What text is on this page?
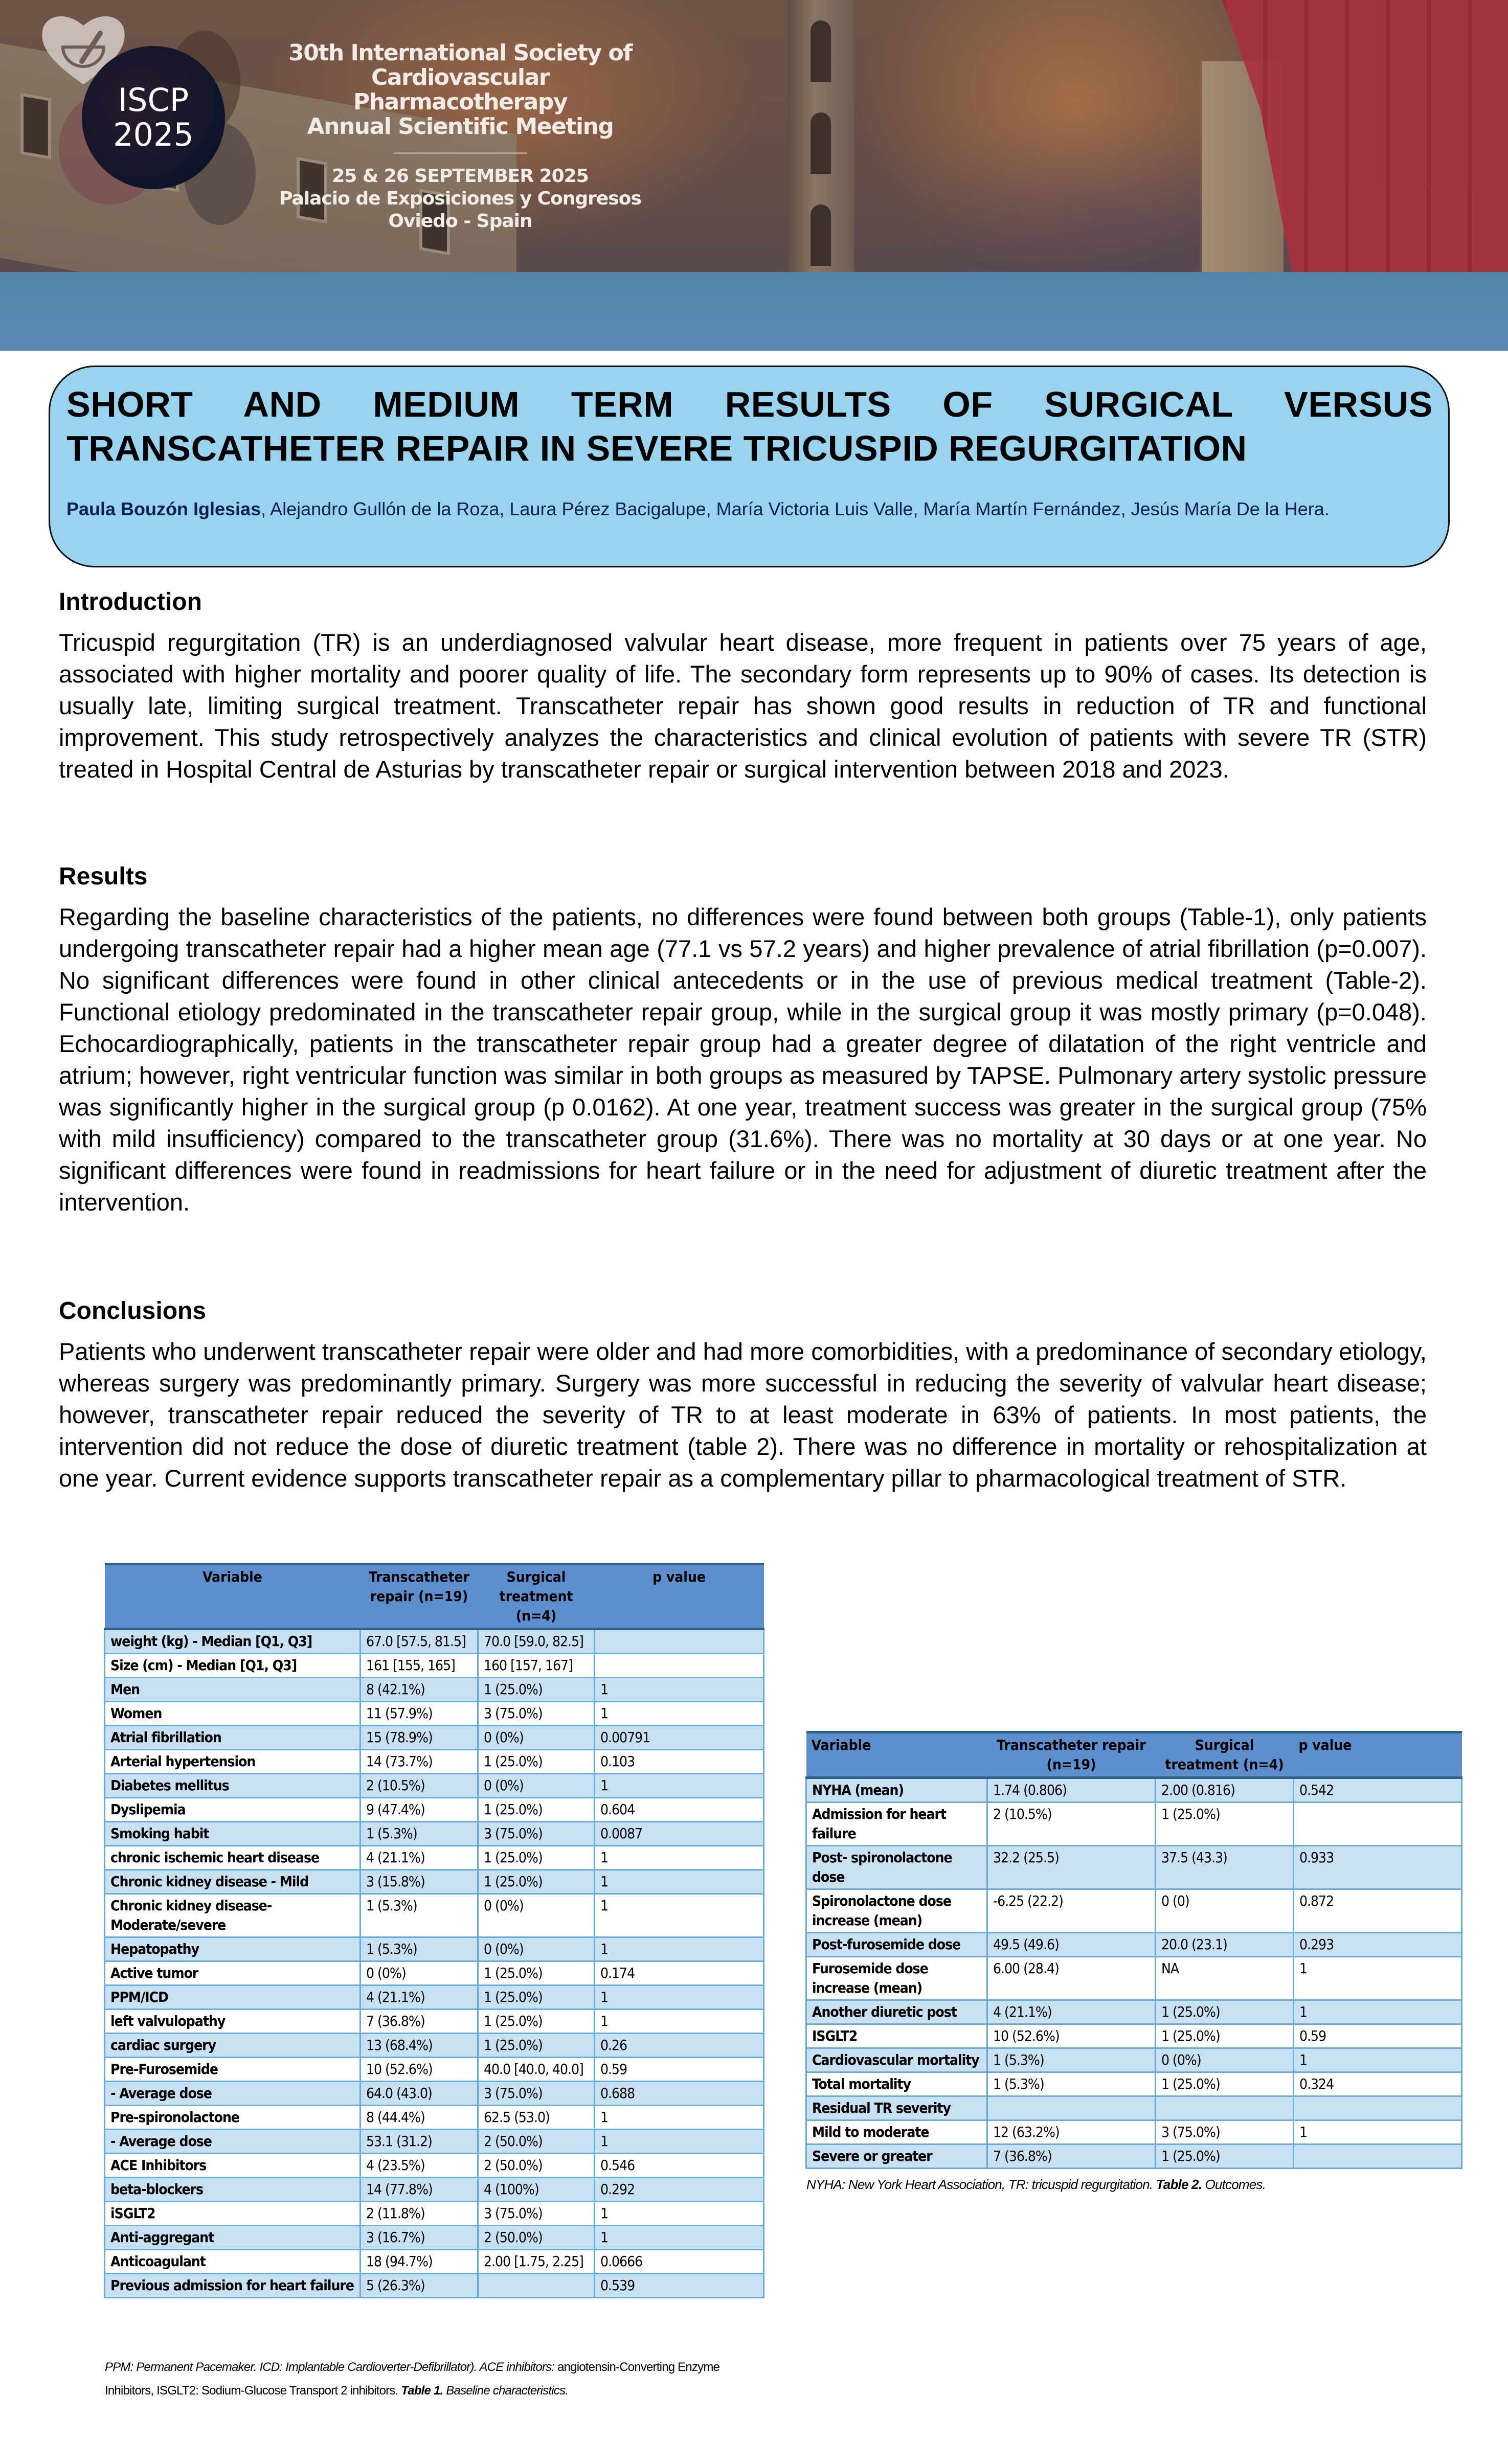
ISCP
2025
30th International Society of
Cardiovascular Pharmacotherapy
Annual Scientific Meeting
25 & 26 SEPTEMBER 2025
Palacio de Exposiciones y Congresos
Oviedo - Spain
SHORT AND MEDIUM TERM RESULTS OF SURGICAL VERSUS
TRANSCATHETER REPAIR IN SEVERE TRICUSPID REGURGITATION
Paula Bouzón Iglesias, Alejandro Gullón de la Roza, Laura Pérez Bacigalupe, María Victoria Luis Valle, María Martín Fernández, Jesús María De la Hera.
Introduction

Tricuspid regurgitation (TR) is an underdiagnosed valvular heart disease, more frequent in patients over 75 years of age, associated with higher mortality and poorer quality of life. The secondary form represents up to 90% of cases. Its detection is usually late, limiting surgical treatment. Transcatheter repair has shown good results in reduction of TR and functional improvement. This study retrospectively analyzes the characteristics and clinical evolution of patients with severe TR (STR) treated in Hospital Central de Asturias by transcatheter repair or surgical intervention between 2018 and 2023.

Results

Regarding the baseline characteristics of the patients, no differences were found between both groups (Table-1), only patients undergoing transcatheter repair had a higher mean age (77.1 vs 57.2 years) and higher prevalence of atrial fibrillation (p=0.007). No significant differences were found in other clinical antecedents or in the use of previous medical treatment (Table-2). Functional etiology predominated in the transcatheter repair group, while in the surgical group it was mostly primary (p=0.048). Echocardiographically, patients in the transcatheter repair group had a greater degree of dilatation of the right ventricle and atrium; however, right ventricular function was similar in both groups as measured by TAPSE. Pulmonary artery systolic pressure was significantly higher in the surgical group (p 0.0162). At one year, treatment success was greater in the surgical group (75% with mild insufficiency) compared to the transcatheter group (31.6%). There was no mortality at 30 days or at one year. No significant differences were found in readmissions for heart failure or in the need for adjustment of diuretic treatment after the intervention.

Conclusions

Patients who underwent transcatheter repair were older and had more comorbidities, with a predominance of secondary etiology, whereas surgery was predominantly primary. Surgery was more successful in reducing the severity of valvular heart disease; however, transcatheter repair reduced the severity of TR to at least moderate in 63% of patients. In most patients, the intervention did not reduce the dose of diuretic treatment (table 2). There was no difference in mortality or rehospitalization at one year. Current evidence supports transcatheter repair as a complementary pillar to pharmacological treatment of STR.

Variable	Transcatheter repair (n=19)	Surgical treatment (n=4)	p value
weight (kg) - Median [Q1, Q3]	67.0 [57.5, 81.5]	70.0 [59.0, 82.5]	
Size (cm) - Median [Q1, Q3]	161 [155, 165]	160 [157, 167]	
Men	8 (42.1%)	1 (25.0%)	1
Women	11 (57.9%)	3 (75.0%)	1
Atrial fibrillation	15 (78.9%)	0 (0%)	0.00791
Arterial hypertension	14 (73.7%)	1 (25.0%)	0.103
Diabetes mellitus	2 (10.5%)	0 (0%)	1
Dyslipemia	9 (47.4%)	1 (25.0%)	0.604
Smoking habit	1 (5.3%)	3 (75.0%)	0.0087
chronic ischemic heart disease	4 (21.1%)	1 (25.0%)	1
Chronic kidney disease - Mild	3 (15.8%)	1 (25.0%)	1
Chronic kidney disease- Moderate/severe	1 (5.3%)	0 (0%)	1
Hepatopathy	1 (5.3%)	0 (0%)	1
Active tumor	0 (0%)	1 (25.0%)	0.174
PPM/ICD	4 (21.1%)	1 (25.0%)	1
left valvulopathy	7 (36.8%)	1 (25.0%)	1
cardiac surgery	13 (68.4%)	1 (25.0%)	0.26
Pre-Furosemide	10 (52.6%)	40.0 [40.0, 40.0]	0.59
- Average dose	64.0 (43.0)	3 (75.0%)	0.688
Pre-spironolactone	8 (44.4%)	62.5 (53.0)	1
- Average dose	53.1 (31.2)	2 (50.0%)	1
ACE Inhibitors	4 (23.5%)	2 (50.0%)	0.546
beta-blockers	14 (77.8%)	4 (100%)	0.292
iSGLT2	2 (11.8%)	3 (75.0%)	1
Anti-aggregant	3 (16.7%)	2 (50.0%)	1
Anticoagulant	18 (94.7%)	2.00 [1.75, 2.25]	0.0666
Previous admission for heart failure	5 (26.3%)		0.539
PPM: Permanent Pacemaker. ICD: Implantable Cardioverter-Defibrillator). ACE inhibitors: angiotensin-Converting Enzyme Inhibitors, ISGLT2: Sodium-Glucose Transport 2 inhibitors. Table 1. Baseline characteristics.
Variable	Transcatheter repair (n=19)	Surgical treatment (n=4)	p value
NYHA (mean)	1.74 (0.806)	2.00 (0.816)	0.542
Admission for heart failure	2 (10.5%)	1 (25.0%)	
Post- spironolactone dose	32.2 (25.5)	37.5 (43.3)	0.933
Spironolactone dose increase (mean)	-6.25 (22.2)	0 (0)	0.872
Post-furosemide dose	49.5 (49.6)	20.0 (23.1)	0.293
Furosemide dose increase (mean)	6.00 (28.4)	NA	1
Another diuretic post	4 (21.1%)	1 (25.0%)	1
ISGLT2	10 (52.6%)	1 (25.0%)	0.59
Cardiovascular mortality	1 (5.3%)	0 (0%)	1
Total mortality	1 (5.3%)	1 (25.0%)	0.324
Residual TR severity			
Mild to moderate	12 (63.2%)	3 (75.0%)	1
Severe or greater	7 (36.8%)	1 (25.0%)	
NYHA: New York Heart Association, TR: tricuspid regurgitation. Table 2. Outcomes.
